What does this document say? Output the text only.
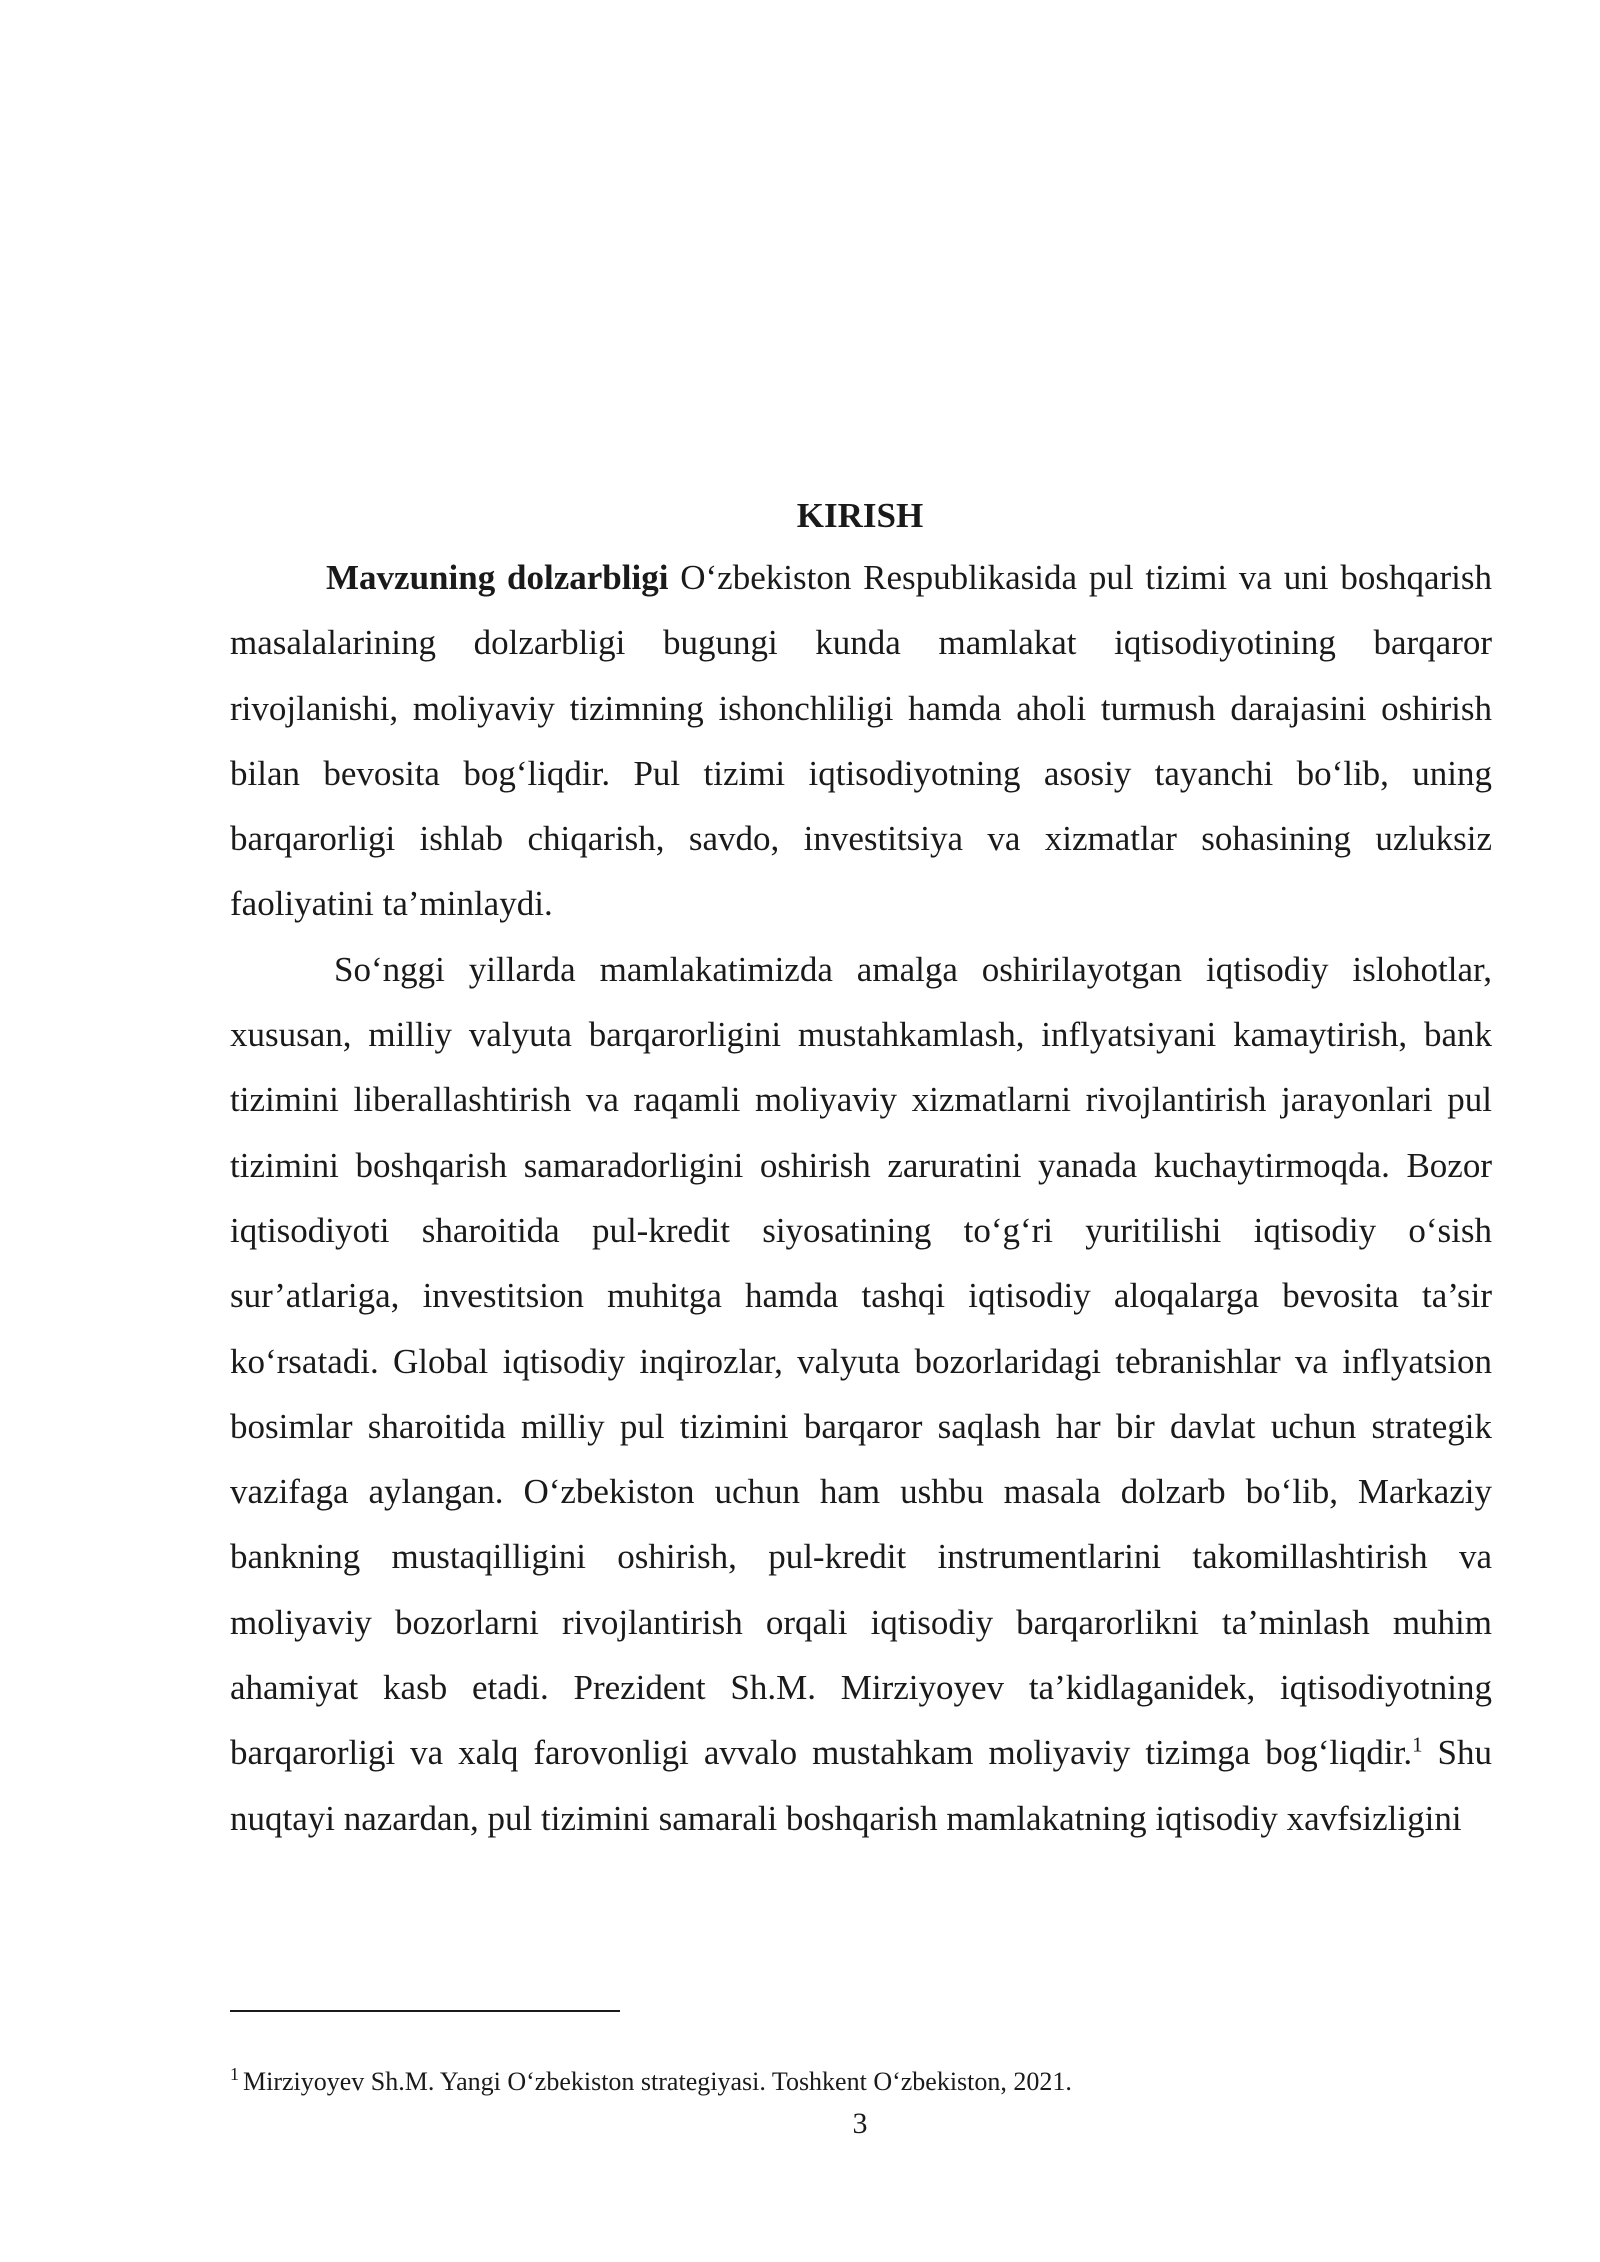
KIRISH

Mavzuning dolzarbligi O‘zbekiston Respublikasida pul tizimi va uni boshqarish masalalarining dolzarbligi bugungi kunda mamlakat iqtisodiyotining barqaror rivojlanishi, moliyaviy tizimning ishonchliligi hamda aholi turmush darajasini oshirish bilan bevosita bog‘liqdir. Pul tizimi iqtisodiyotning asosiy tayanchi bo‘lib, uning barqarorligi ishlab chiqarish, savdo, investitsiya va xizmatlar sohasining uzluksiz faoliyatini ta’minlaydi.

So‘nggi yillarda mamlakatimizda amalga oshirilayotgan iqtisodiy islohotlar, xususan, milliy valyuta barqarorligini mustahkamlash, inflyatsiyani kamaytirish, bank tizimini liberallashtirish va raqamli moliyaviy xizmatlarni rivojlantirish jarayonlari pul tizimini boshqarish samaradorligini oshirish zaruratini yanada kuchaytirmoqda. Bozor iqtisodiyoti sharoitida pul-kredit siyosatining to‘g‘ri yuritilishi iqtisodiy o‘sish sur’atlariga, investitsion muhitga hamda tashqi iqtisodiy aloqalarga bevosita ta’sir ko‘rsatadi. Global iqtisodiy inqirozlar, valyuta bozorlaridagi tebranishlar va inflyatsion bosimlar sharoitida milliy pul tizimini barqaror saqlash har bir davlat uchun strategik vazifaga aylangan. O‘zbekiston uchun ham ushbu masala dolzarb bo‘lib, Markaziy bankning mustaqilligini oshirish, pul-kredit instrumentlarini takomillashtirish va moliyaviy bozorlarni rivojlantirish orqali iqtisodiy barqarorlikni ta’minlash muhim ahamiyat kasb etadi. Prezident Sh.M. Mirziyoyev ta’kidlaganidek, iqtisodiyotning barqarorligi va xalq farovonligi avvalo mustahkam moliyaviy tizimga bog‘liqdir.$^1$ Shu nuqtayi nazardan, pul tizimini samarali boshqarish mamlakatning iqtisodiy xavfsizligini

$^1$ Mirziyoyev Sh.M. Yangi O‘zbekiston strategiyasi. Toshkent O‘zbekiston, 2021.
3
